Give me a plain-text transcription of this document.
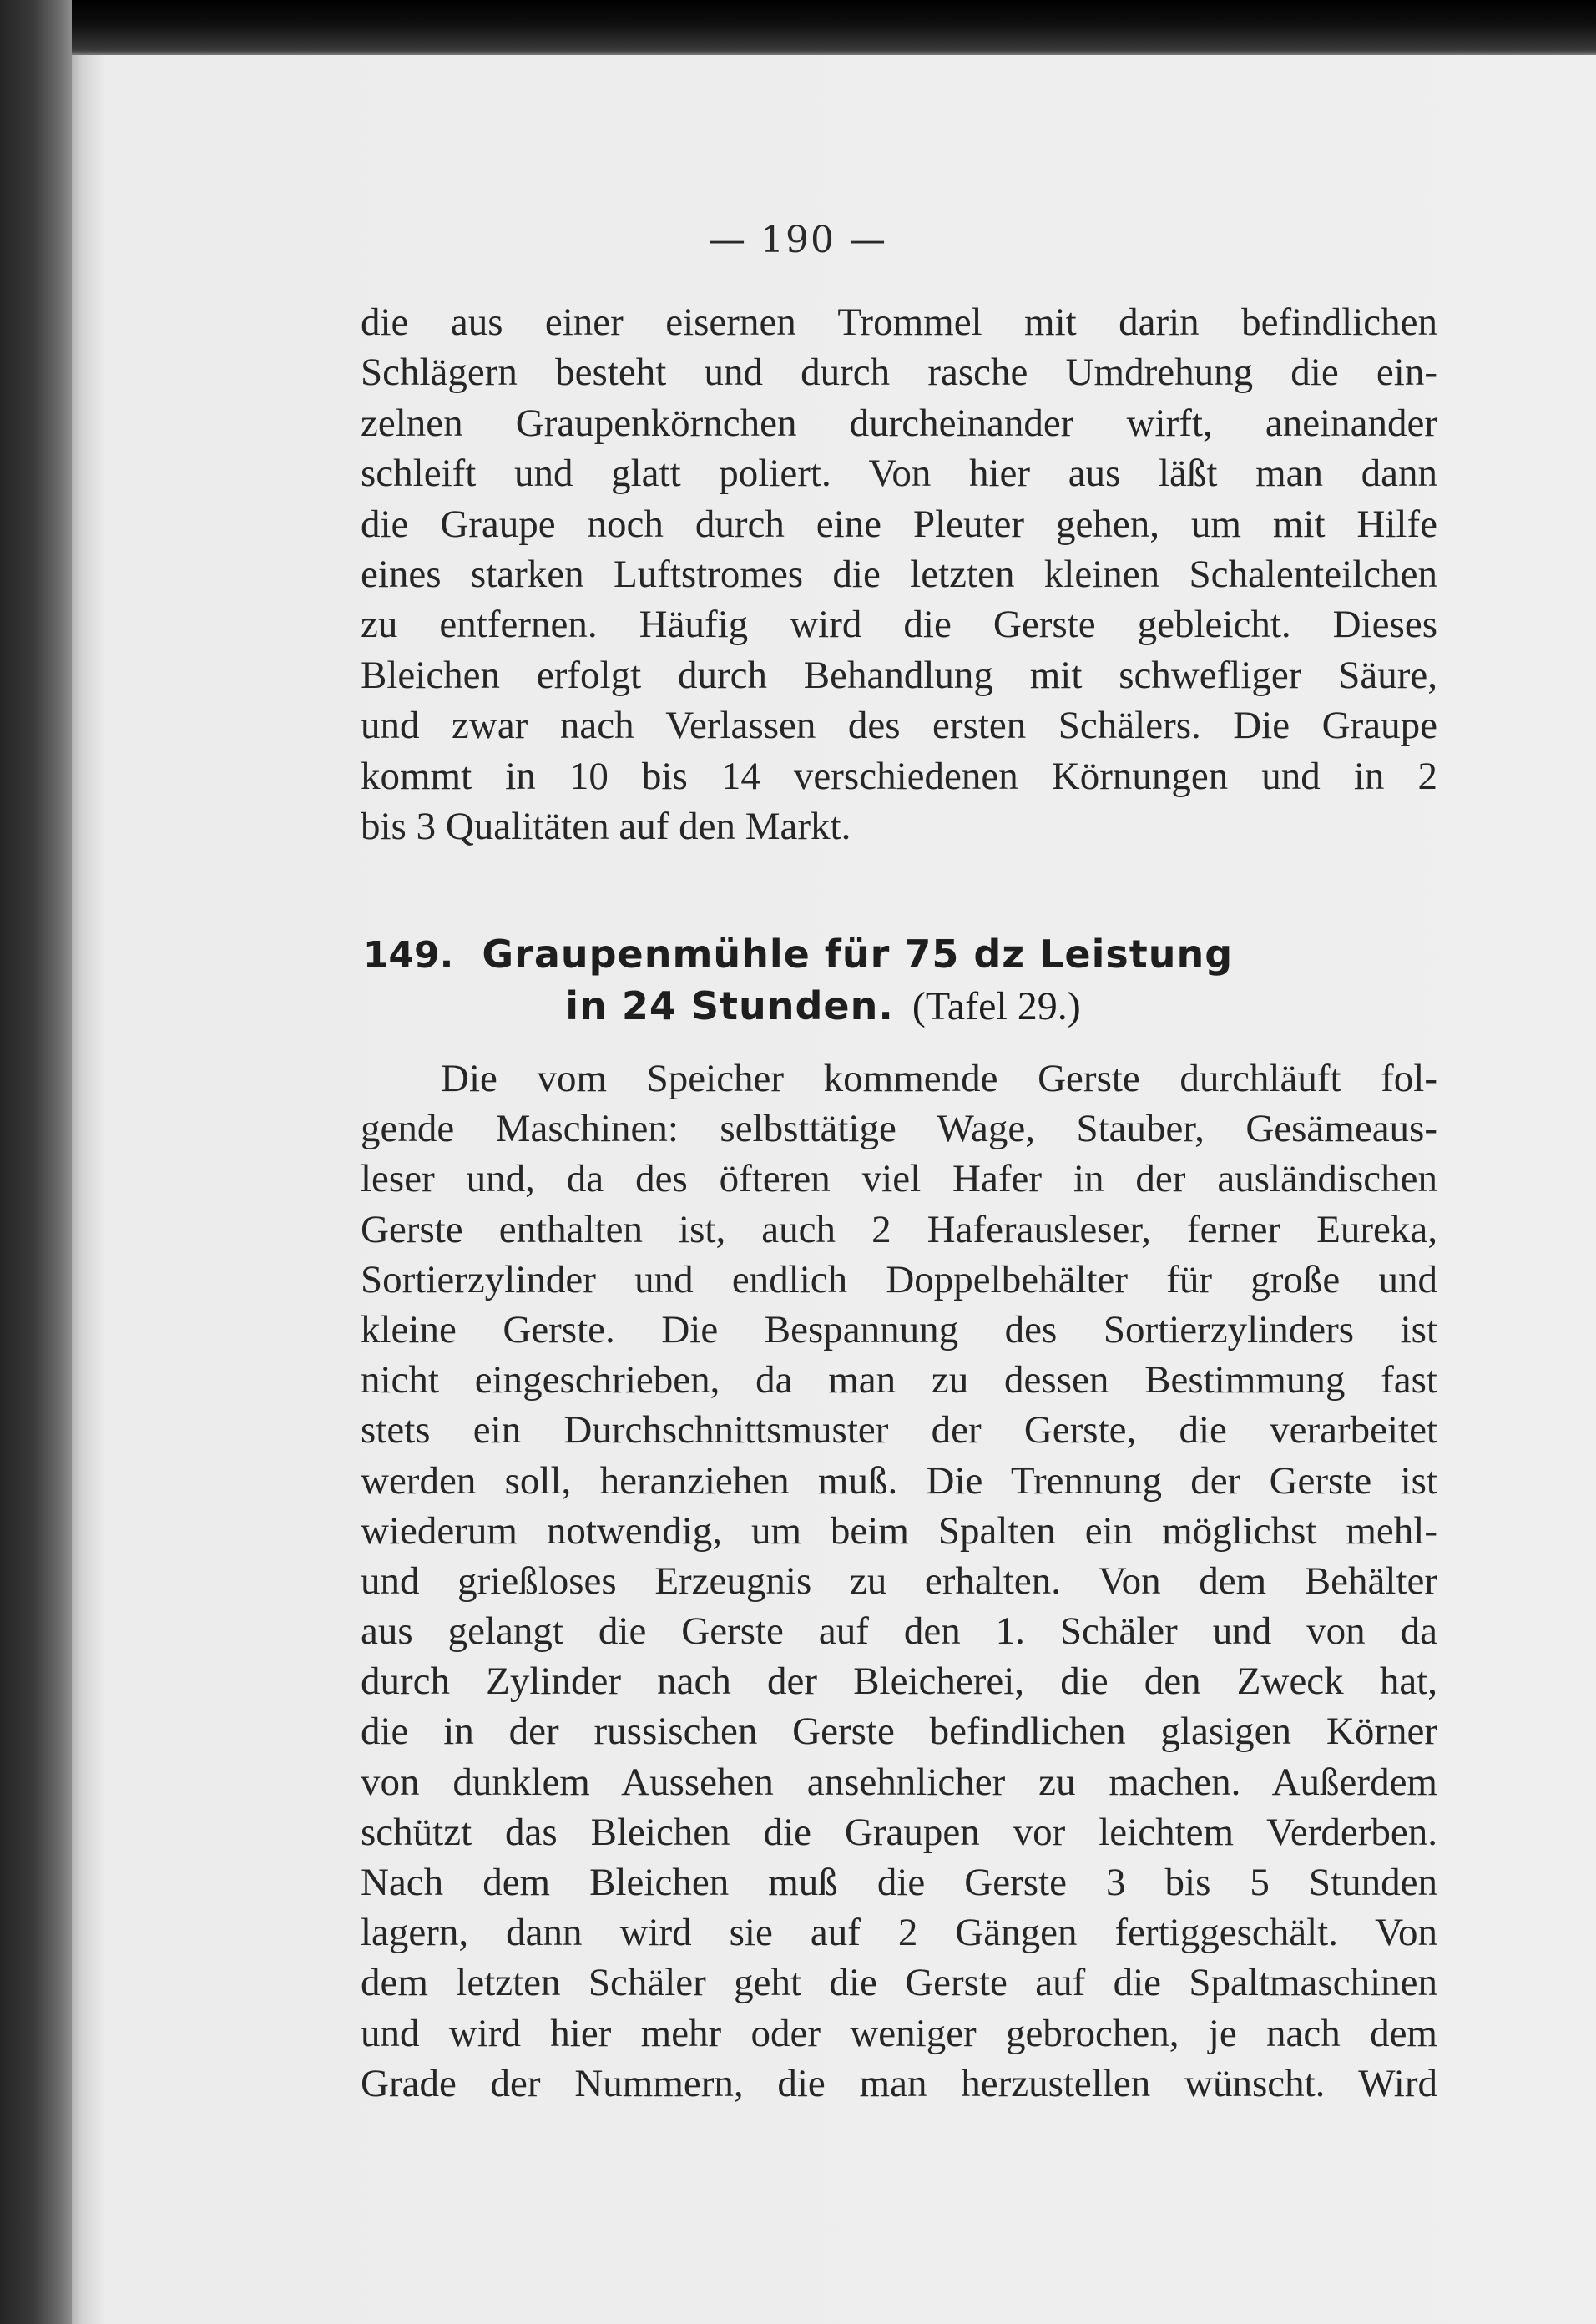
— 190 —
die aus einer eisernen Trommel mit darin befindlichen
Schlägern besteht und durch rasche Umdrehung die ein-
zelnen Graupenkörnchen durcheinander wirft, aneinander
schleift und glatt poliert. Von hier aus läßt man dann
die Graupe noch durch eine Pleuter gehen, um mit Hilfe
eines starken Luftstromes die letzten kleinen Schalenteilchen
zu entfernen. Häufig wird die Gerste gebleicht. Dieses
Bleichen erfolgt durch Behandlung mit schwefliger Säure,
und zwar nach Verlassen des ersten Schälers. Die Graupe
kommt in 10 bis 14 verschiedenen Körnungen und in 2
bis 3 Qualitäten auf den Markt.
149. Graupenmühle für 75 dz Leistung
in 24 Stunden. (Tafel 29.)
Die vom Speicher kommende Gerste durchläuft fol-
gende Maschinen: selbsttätige Wage, Stauber, Gesämeaus-
leser und, da des öfteren viel Hafer in der ausländischen
Gerste enthalten ist, auch 2 Haferausleser, ferner Eureka,
Sortierzylinder und endlich Doppelbehälter für große und
kleine Gerste. Die Bespannung des Sortierzylinders ist
nicht eingeschrieben, da man zu dessen Bestimmung fast
stets ein Durchschnittsmuster der Gerste, die verarbeitet
werden soll, heranziehen muß. Die Trennung der Gerste ist
wiederum notwendig, um beim Spalten ein möglichst mehl-
und grießloses Erzeugnis zu erhalten. Von dem Behälter
aus gelangt die Gerste auf den 1. Schäler und von da
durch Zylinder nach der Bleicherei, die den Zweck hat,
die in der russischen Gerste befindlichen glasigen Körner
von dunklem Aussehen ansehnlicher zu machen. Außerdem
schützt das Bleichen die Graupen vor leichtem Verderben.
Nach dem Bleichen muß die Gerste 3 bis 5 Stunden
lagern, dann wird sie auf 2 Gängen fertiggeschält. Von
dem letzten Schäler geht die Gerste auf die Spaltmaschinen
und wird hier mehr oder weniger gebrochen, je nach dem
Grade der Nummern, die man herzustellen wünscht. Wird
